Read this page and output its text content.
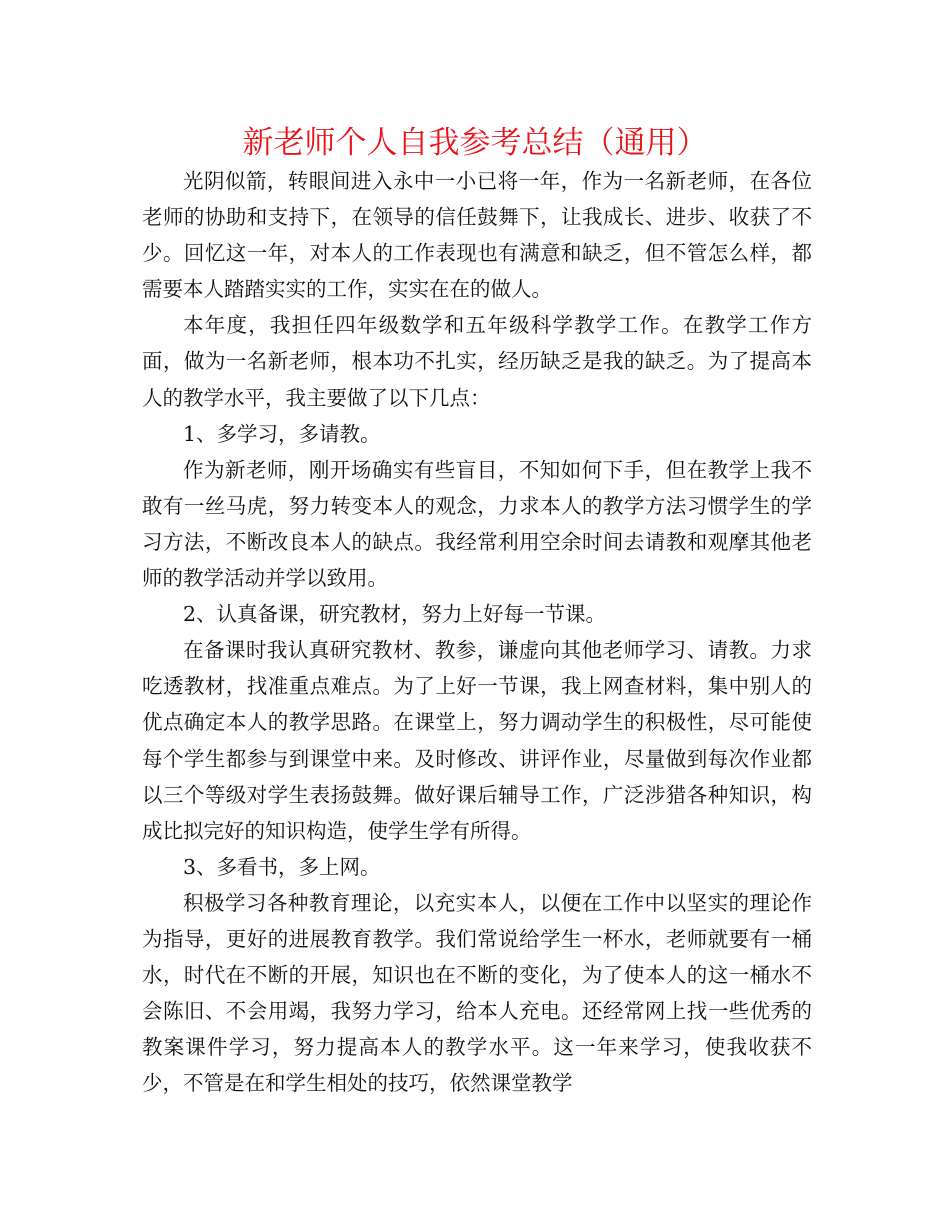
新老师个人自我参考总结（通用）

光阴似箭，转眼间进入永中一小已将一年，作为一名新老师，在各位老师的协助和支持下，在领导的信任鼓舞下，让我成长、进步、收获了不少。回忆这一年，对本人的工作表现也有满意和缺乏，但不管怎么样，都需要本人踏踏实实的工作，实实在在的做人。

本年度，我担任四年级数学和五年级科学教学工作。在教学工作方面，做为一名新老师，根本功不扎实，经历缺乏是我的缺乏。为了提高本人的教学水平，我主要做了以下几点：

1、多学习，多请教。

作为新老师，刚开场确实有些盲目，不知如何下手，但在教学上我不敢有一丝马虎，努力转变本人的观念，力求本人的教学方法习惯学生的学习方法，不断改良本人的缺点。我经常利用空余时间去请教和观摩其他老师的教学活动并学以致用。

2、认真备课，研究教材，努力上好每一节课。

在备课时我认真研究教材、教参，谦虚向其他老师学习、请教。力求吃透教材，找准重点难点。为了上好一节课，我上网查材料，集中别人的优点确定本人的教学思路。在课堂上，努力调动学生的积极性，尽可能使每个学生都参与到课堂中来。及时修改、讲评作业，尽量做到每次作业都以三个等级对学生表扬鼓舞。做好课后辅导工作，广泛涉猎各种知识，构成比拟完好的知识构造，使学生学有所得。

3、多看书，多上网。

积极学习各种教育理论，以充实本人，以便在工作中以坚实的理论作为指导，更好的进展教育教学。我们常说给学生一杯水，老师就要有一桶水，时代在不断的开展，知识也在不断的变化，为了使本人的这一桶水不会陈旧、不会用竭，我努力学习，给本人充电。还经常网上找一些优秀的教案课件学习，努力提高本人的教学水平。这一年来学习，使我收获不少，不管是在和学生相处的技巧，依然课堂教学
